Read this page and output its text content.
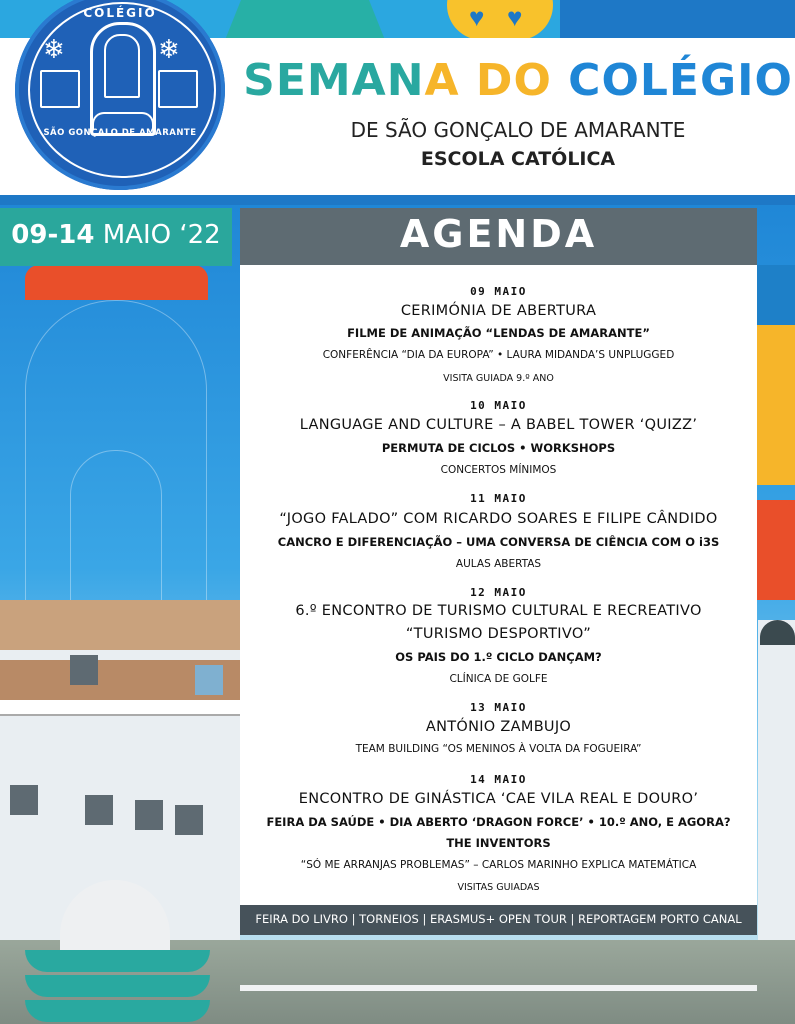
♥ ♥
COLÉGIO
❄	❄
SÃO GONÇALO DE AMARANTE
SEMANA DO COLÉGIO
DE SÃO GONÇALO DE AMARANTE
ESCOLA CATÓLICA
09-14 MAIO ‘22	AGENDA
09 MAIO
CERIMÓNIA DE ABERTURA
FILME DE ANIMAÇÃO “LENDAS DE AMARANTE”
CONFERÊNCIA “DIA DA EUROPA” • LAURA MIDANDA’S UNPLUGGED
VISITA GUIADA 9.º ANO
10 MAIO
LANGUAGE AND CULTURE – A BABEL TOWER ‘QUIZZ’
PERMUTA DE CICLOS • WORKSHOPS
CONCERTOS MÍNIMOS
11 MAIO
“JOGO FALADO” COM RICARDO SOARES E FILIPE CÂNDIDO
CANCRO E DIFERENCIAÇÃO – UMA CONVERSA DE CIÊNCIA COM O i3S
AULAS ABERTAS
12 MAIO
6.º ENCONTRO DE TURISMO CULTURAL E RECREATIVO
“TURISMO DESPORTIVO”
OS PAIS DO 1.º CICLO DANÇAM?
CLÍNICA DE GOLFE
13 MAIO
ANTÓNIO ZAMBUJO
TEAM BUILDING “OS MENINOS À VOLTA DA FOGUEIRA”
14 MAIO
ENCONTRO DE GINÁSTICA ‘CAE VILA REAL E DOURO’
FEIRA DA SAÚDE • DIA ABERTO ‘DRAGON FORCE’ • 10.º ANO, E AGORA?
THE INVENTORS
“SÓ ME ARRANJAS PROBLEMAS” – CARLOS MARINHO EXPLICA MATEMÁTICA
VISITAS GUIADAS
FEIRA DO LIVRO | TORNEIOS | ERASMUS+ OPEN TOUR | REPORTAGEM PORTO CANAL
